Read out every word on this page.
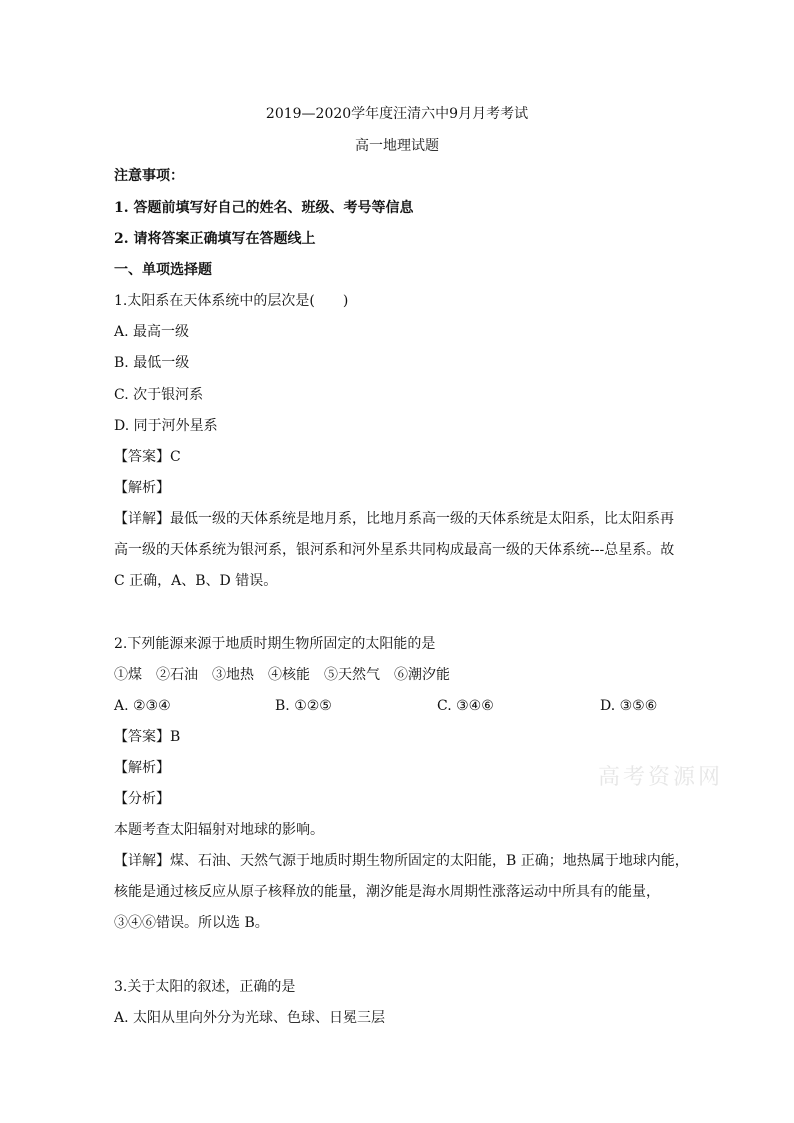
2019—2020学年度汪清六中9月月考考试
高一地理试题
注意事项：
1. 答题前填写好自己的姓名、班级、考号等信息
2. 请将答案正确填写在答题线上
一、单项选择题
1.太阳系在天体系统中的层次是(　　)
A. 最高一级
B. 最低一级
C. 次于银河系
D. 同于河外星系
【答案】C
【解析】
【详解】最低一级的天体系统是地月系，比地月系高一级的天体系统是太阳系，比太阳系再
高一级的天体系统为银河系，银河系和河外星系共同构成最高一级的天体系统---总星系。故
C 正确，A、B、D 错误。
2.下列能源来源于地质时期生物所固定的太阳能的是
①煤　②石油　③地热　④核能　⑤天然气　⑥潮汐能
A. ②③④	B. ①②⑤	C. ③④⑥	D. ③⑤⑥
【答案】B
【解析】
【分析】
本题考查太阳辐射对地球的影响。
【详解】煤、石油、天然气源于地质时期生物所固定的太阳能，B 正确；地热属于地球内能，
核能是通过核反应从原子核释放的能量，潮汐能是海水周期性涨落运动中所具有的能量，
③④⑥错误。所以选 B。
3.关于太阳的叙述，正确的是
A. 太阳从里向外分为光球、色球、日冕三层
高考资源网
